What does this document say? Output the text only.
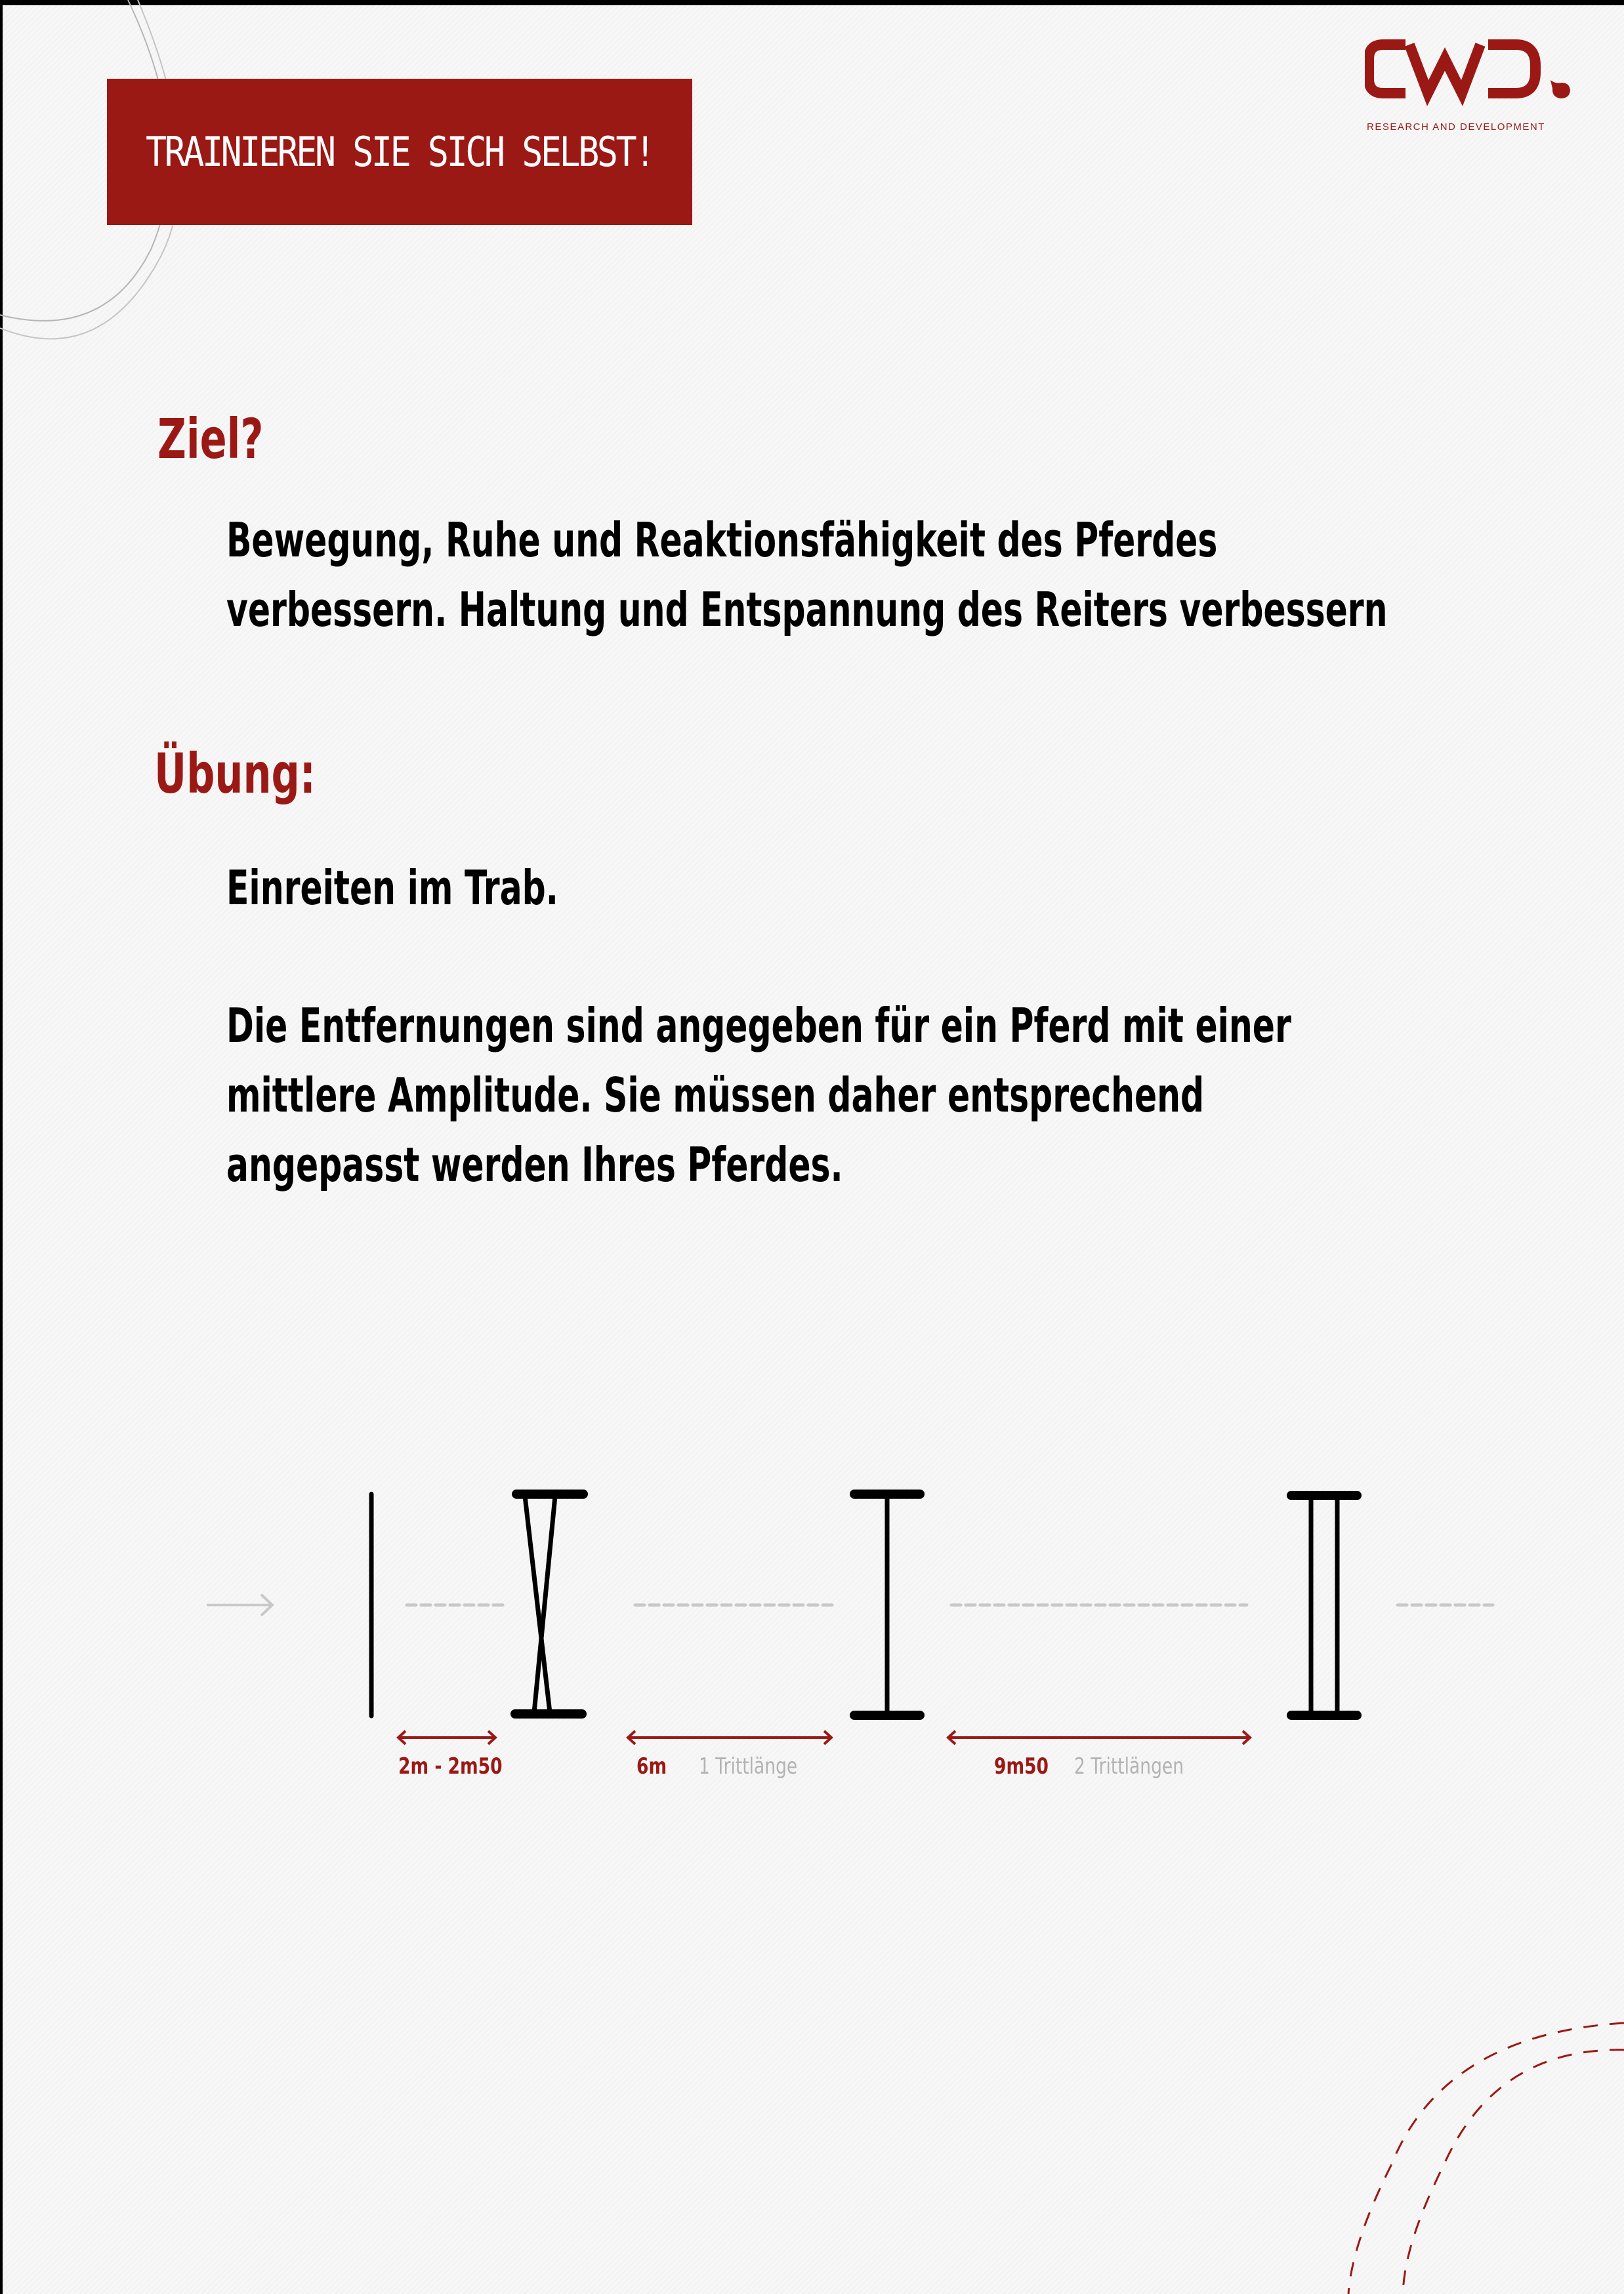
TRAINIEREN SIE SICH SELBST!
RESEARCH AND DEVELOPMENT
Ziel?
Bewegung, Ruhe und Reaktionsfähigkeit des Pferdes
verbessern. Haltung und Entspannung des Reiters verbessern
Übung:
Einreiten im Trab.
Die Entfernungen sind angegeben für ein Pferd mit einer
mittlere Amplitude. Sie müssen daher entsprechend
angepasst werden Ihres Pferdes.
2m - 2m50	6m 1 Trittlänge	9m50 2 Trittlängen
